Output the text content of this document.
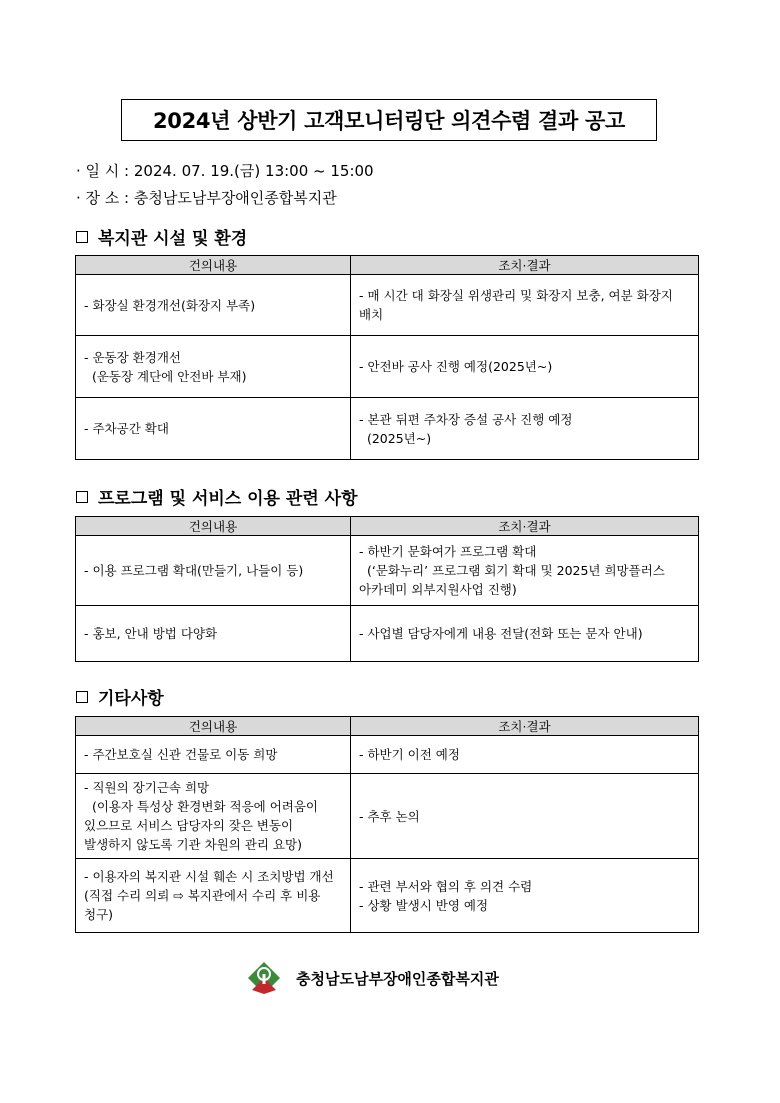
2024년 상반기 고객모니터링단 의견수렴 결과 공고
· 일 시 : 2024. 07. 19.(금) 13:00 ~ 15:00
· 장 소 : 충청남도남부장애인종합복지관
복지관 시설 및 환경
건의내용	조치·결과
- 화장실 환경개선(화장지 부족)	- 매 시간 대 화장실 위생관리 및 화장지 보충, 여분 화장지 배치
- 운동장 환경개선
(운동장 계단에 안전바 부재)	- 안전바 공사 진행 예정(2025년~)
- 주차공간 확대	- 본관 뒤편 주차장 증설 공사 진행 예정
(2025년~)
프로그램 및 서비스 이용 관련 사항
건의내용	조치·결과
- 이용 프로그램 확대(만들기, 나들이 등)	- 하반기 문화여가 프로그램 확대
(‘문화누리’ 프로그램 회기 확대 및 2025년 희망플러스 아카데미 외부지원사업 진행)
- 홍보, 안내 방법 다양화	- 사업별 담당자에게 내용 전달(전화 또는 문자 안내)
기타사항
건의내용	조치·결과
- 주간보호실 신관 건물로 이동 희망	- 하반기 이전 예정
- 직원의 장기근속 희망
(이용자 특성상 환경변화 적응에 어려움이 있으므로 서비스 담당자의 잦은 변동이 발생하지 않도록 기관 차원의 관리 요망)	- 추후 논의
- 이용자의 복지관 시설 훼손 시 조치방법 개선(직접 수리 의뢰 ⇨ 복지관에서 수리 후 비용 청구)	- 관련 부서와 협의 후 의견 수렴
- 상황 발생시 반영 예정
충청남도남부장애인종합복지관
